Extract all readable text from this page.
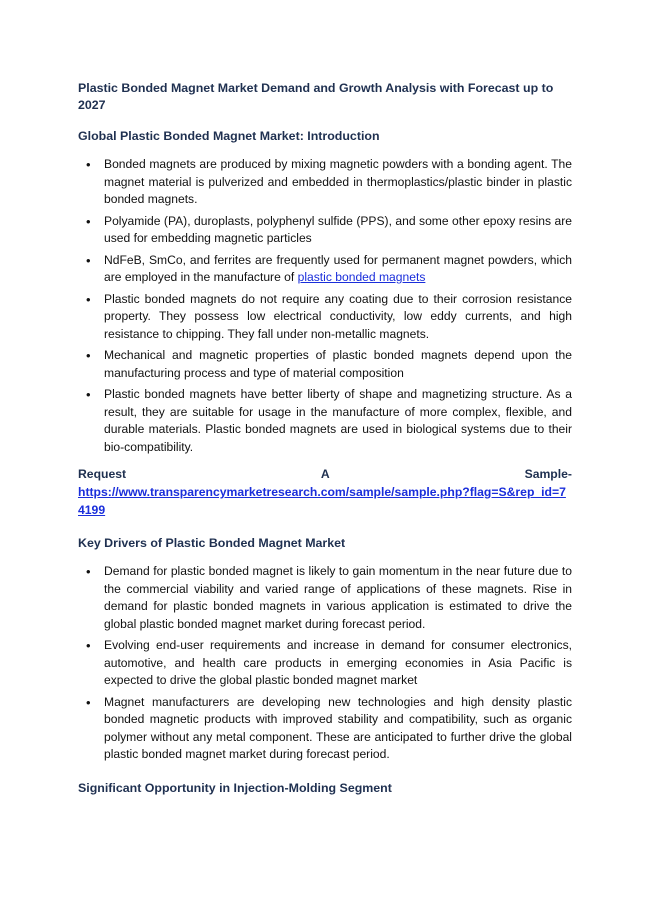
Plastic Bonded Magnet Market Demand and Growth Analysis with Forecast up to 2027
Global Plastic Bonded Magnet Market: Introduction
• Bonded magnets are produced by mixing magnetic powders with a bonding agent. The magnet material is pulverized and embedded in thermoplastics/plastic binder in plastic bonded magnets.
• Polyamide (PA), duroplasts, polyphenyl sulfide (PPS), and some other epoxy resins are used for embedding magnetic particles
• NdFeB, SmCo, and ferrites are frequently used for permanent magnet powders, which are employed in the manufacture of plastic bonded magnets
• Plastic bonded magnets do not require any coating due to their corrosion resistance property. They possess low electrical conductivity, low eddy currents, and high resistance to chipping. They fall under non-metallic magnets.
• Mechanical and magnetic properties of plastic bonded magnets depend upon the manufacturing process and type of material composition
• Plastic bonded magnets have better liberty of shape and magnetizing structure. As a result, they are suitable for usage in the manufacture of more complex, flexible, and durable materials. Plastic bonded magnets are used in biological systems due to their bio-compatibility.
Request	A	Sample-
https://www.transparencymarketresearch.com/sample/sample.php?flag=S&rep_id=74199
Key Drivers of Plastic Bonded Magnet Market
• Demand for plastic bonded magnet is likely to gain momentum in the near future due to the commercial viability and varied range of applications of these magnets. Rise in demand for plastic bonded magnets in various application is estimated to drive the global plastic bonded magnet market during forecast period.
• Evolving end-user requirements and increase in demand for consumer electronics, automotive, and health care products in emerging economies in Asia Pacific is expected to drive the global plastic bonded magnet market
• Magnet manufacturers are developing new technologies and high density plastic bonded magnetic products with improved stability and compatibility, such as organic polymer without any metal component. These are anticipated to further drive the global plastic bonded magnet market during forecast period.
Significant Opportunity in Injection-Molding Segment
